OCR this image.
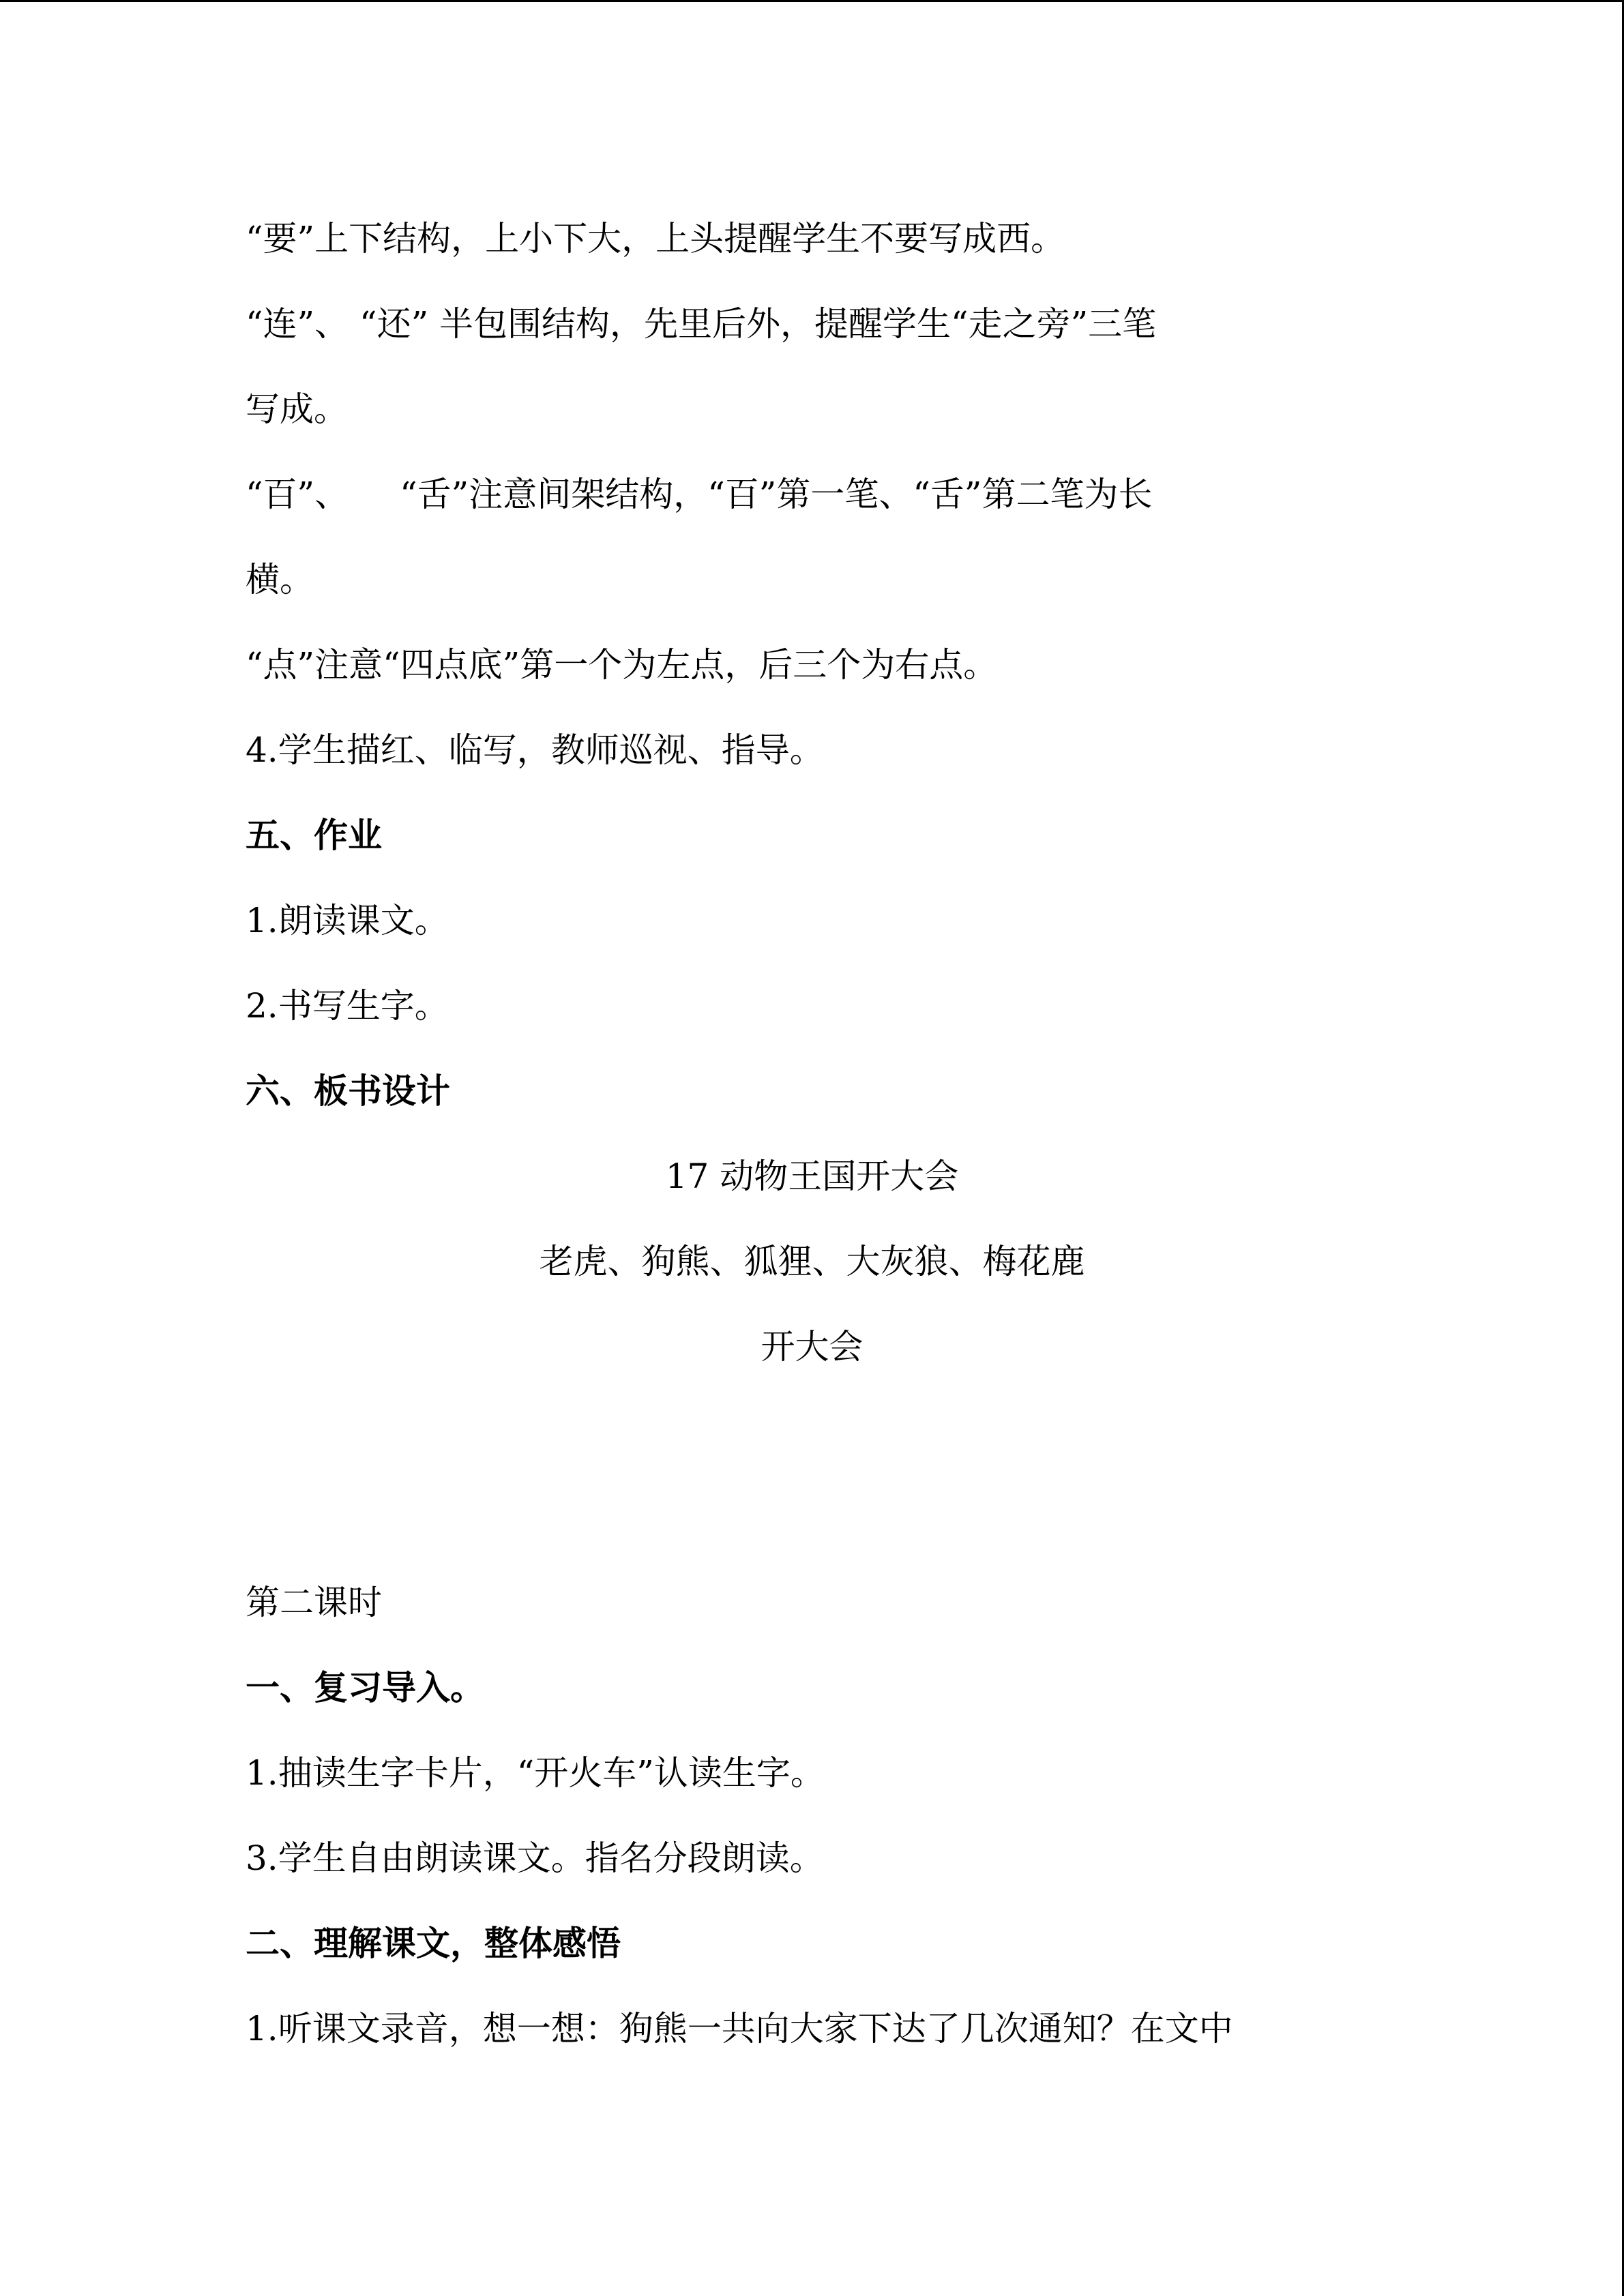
“要”上下结构，上小下大，上头提醒学生不要写成西。
“连”、 “还” 半包围结构，先里后外，提醒学生“走之旁”三笔
写成。
“百”、　　“舌”注意间架结构，“百”第一笔、“舌”第二笔为长
横。
“点”注意“四点底”第一个为左点，后三个为右点。
4.学生描红、临写，教师巡视、指导。
五、作业
1.朗读课文。
2.书写生字。
六、板书设计
17 动物王国开大会
老虎、狗熊、狐狸、大灰狼、梅花鹿
开大会
第二课时
一、复习导入。
1.抽读生字卡片，“开火车”认读生字。
3.学生自由朗读课文。指名分段朗读。
二、理解课文，整体感悟
1.听课文录音，想一想：狗熊一共向大家下达了几次通知？在文中
